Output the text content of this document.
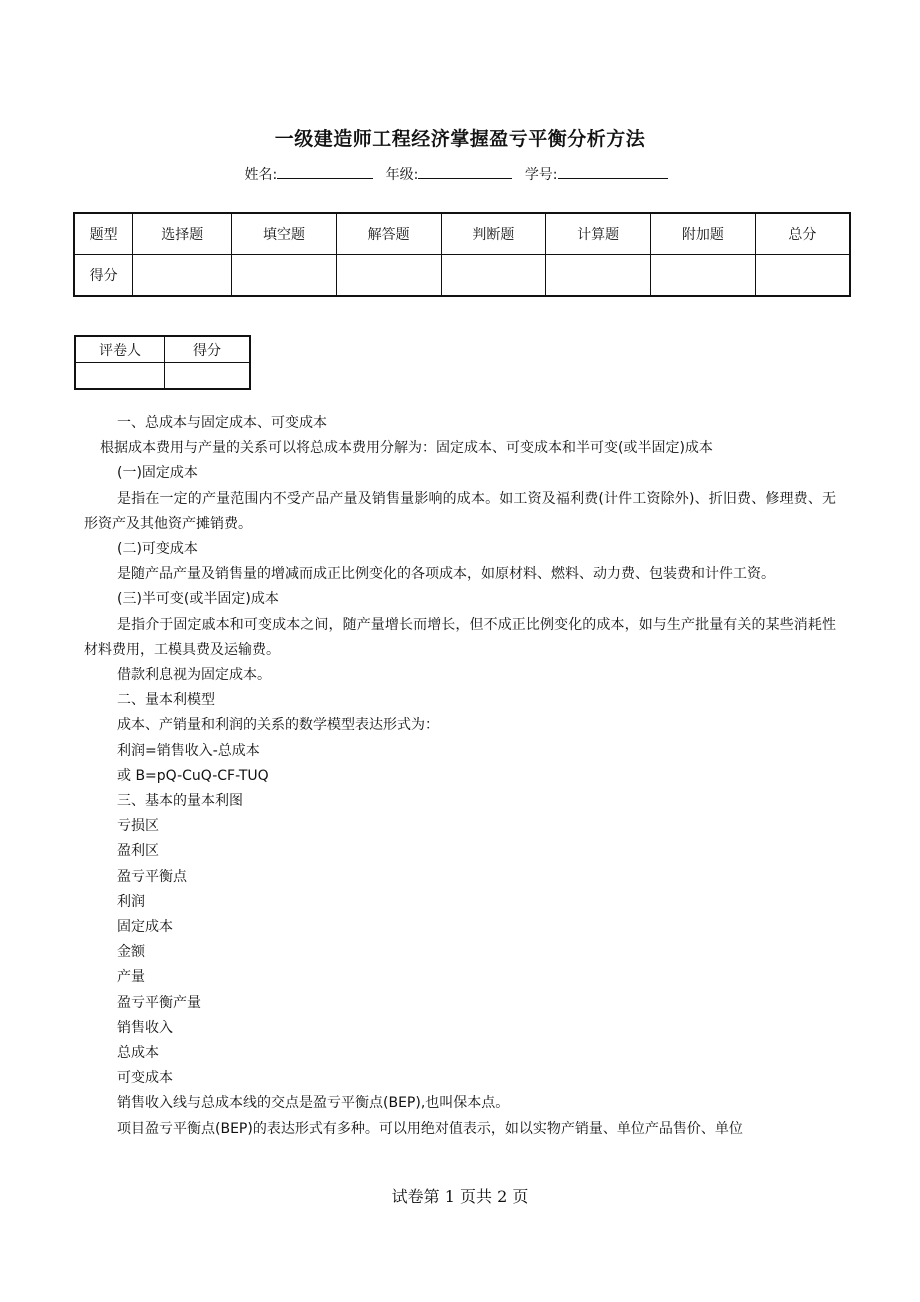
一级建造师工程经济掌握盈亏平衡分析方法
姓名:	年级:	学号:
题型	选择题	填空题	解答题	判断题	计算题	附加题	总分
得分							
评卷人	得分

一、总成本与固定成本、可变成本

根据成本费用与产量的关系可以将总成本费用分解为：固定成本、可变成本和半可变(或半固定)成本

(一)固定成本

是指在一定的产量范围内不受产品产量及销售量影响的成本。如工资及福利费(计件工资除外)、折旧费、修理费、无形资产及其他资产摊销费。

(二)可变成本

是随产品产量及销售量的增减而成正比例变化的各项成本，如原材料、燃料、动力费、包装费和计件工资。

(三)半可变(或半固定)成本

是指介于固定戚本和可变成本之间，随产量增长而增长，但不成正比例变化的成本，如与生产批量有关的某些消耗性材料费用，工模具费及运输费。

借款利息视为固定成本。

二、量本利模型

成本、产销量和利润的关系的数学模型表达形式为：

利润=销售收入-总成本

或 B=pQ-CuQ-CF-TUQ

三、基本的量本利图

亏损区

盈利区

盈亏平衡点

利润

固定成本

金额

产量

盈亏平衡产量

销售收入

总成本

可变成本

销售收入线与总成本线的交点是盈亏平衡点(BEP),也叫保本点。

项目盈亏平衡点(BEP)的表达形式有多种。可以用绝对值表示，如以实物产销量、单位产品售价、单位

试卷第 1 页共 2 页
